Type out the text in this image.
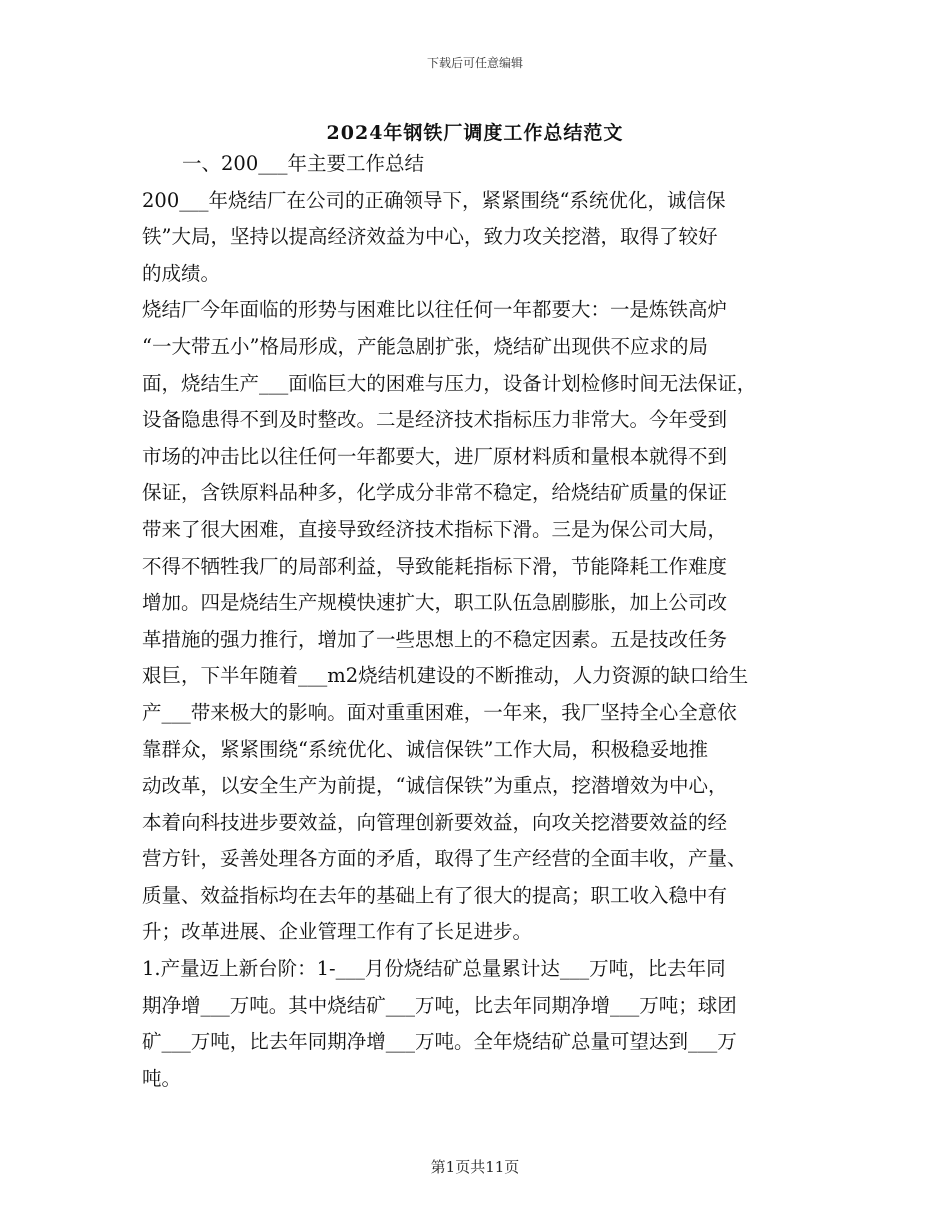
下载后可任意编辑
2024年钢铁厂调度工作总结范文
一、200___年主要工作总结
200___年烧结厂在公司的正确领导下，紧紧围绕“系统优化，诚信保
铁”大局，坚持以提高经济效益为中心，致力攻关挖潜，取得了较好
的成绩。
烧结厂今年面临的形势与困难比以往任何一年都要大：一是炼铁高炉
“一大带五小”格局形成，产能急剧扩张，烧结矿出现供不应求的局
面，烧结生产___面临巨大的困难与压力，设备计划检修时间无法保证，
设备隐患得不到及时整改。二是经济技术指标压力非常大。今年受到
市场的冲击比以往任何一年都要大，进厂原材料质和量根本就得不到
保证，含铁原料品种多，化学成分非常不稳定，给烧结矿质量的保证
带来了很大困难，直接导致经济技术指标下滑。三是为保公司大局，
不得不牺牲我厂的局部利益，导致能耗指标下滑，节能降耗工作难度
增加。四是烧结生产规模快速扩大，职工队伍急剧膨胀，加上公司改
革措施的强力推行，增加了一些思想上的不稳定因素。五是技改任务
艰巨，下半年随着___m2烧结机建设的不断推动，人力资源的缺口给生
产___带来极大的影响。面对重重困难，一年来，我厂坚持全心全意依
靠群众，紧紧围绕“系统优化、诚信保铁”工作大局，积极稳妥地推
动改革，以安全生产为前提，“诚信保铁”为重点，挖潜增效为中心，
本着向科技进步要效益，向管理创新要效益，向攻关挖潜要效益的经
营方针，妥善处理各方面的矛盾，取得了生产经营的全面丰收，产量、
质量、效益指标均在去年的基础上有了很大的提高；职工收入稳中有
升；改革进展、企业管理工作有了长足进步。
1.产量迈上新台阶：1-___月份烧结矿总量累计达___万吨，比去年同
期净增___万吨。其中烧结矿___万吨，比去年同期净增___万吨；球团
矿___万吨，比去年同期净增___万吨。全年烧结矿总量可望达到___万
吨。
第1页共11页
